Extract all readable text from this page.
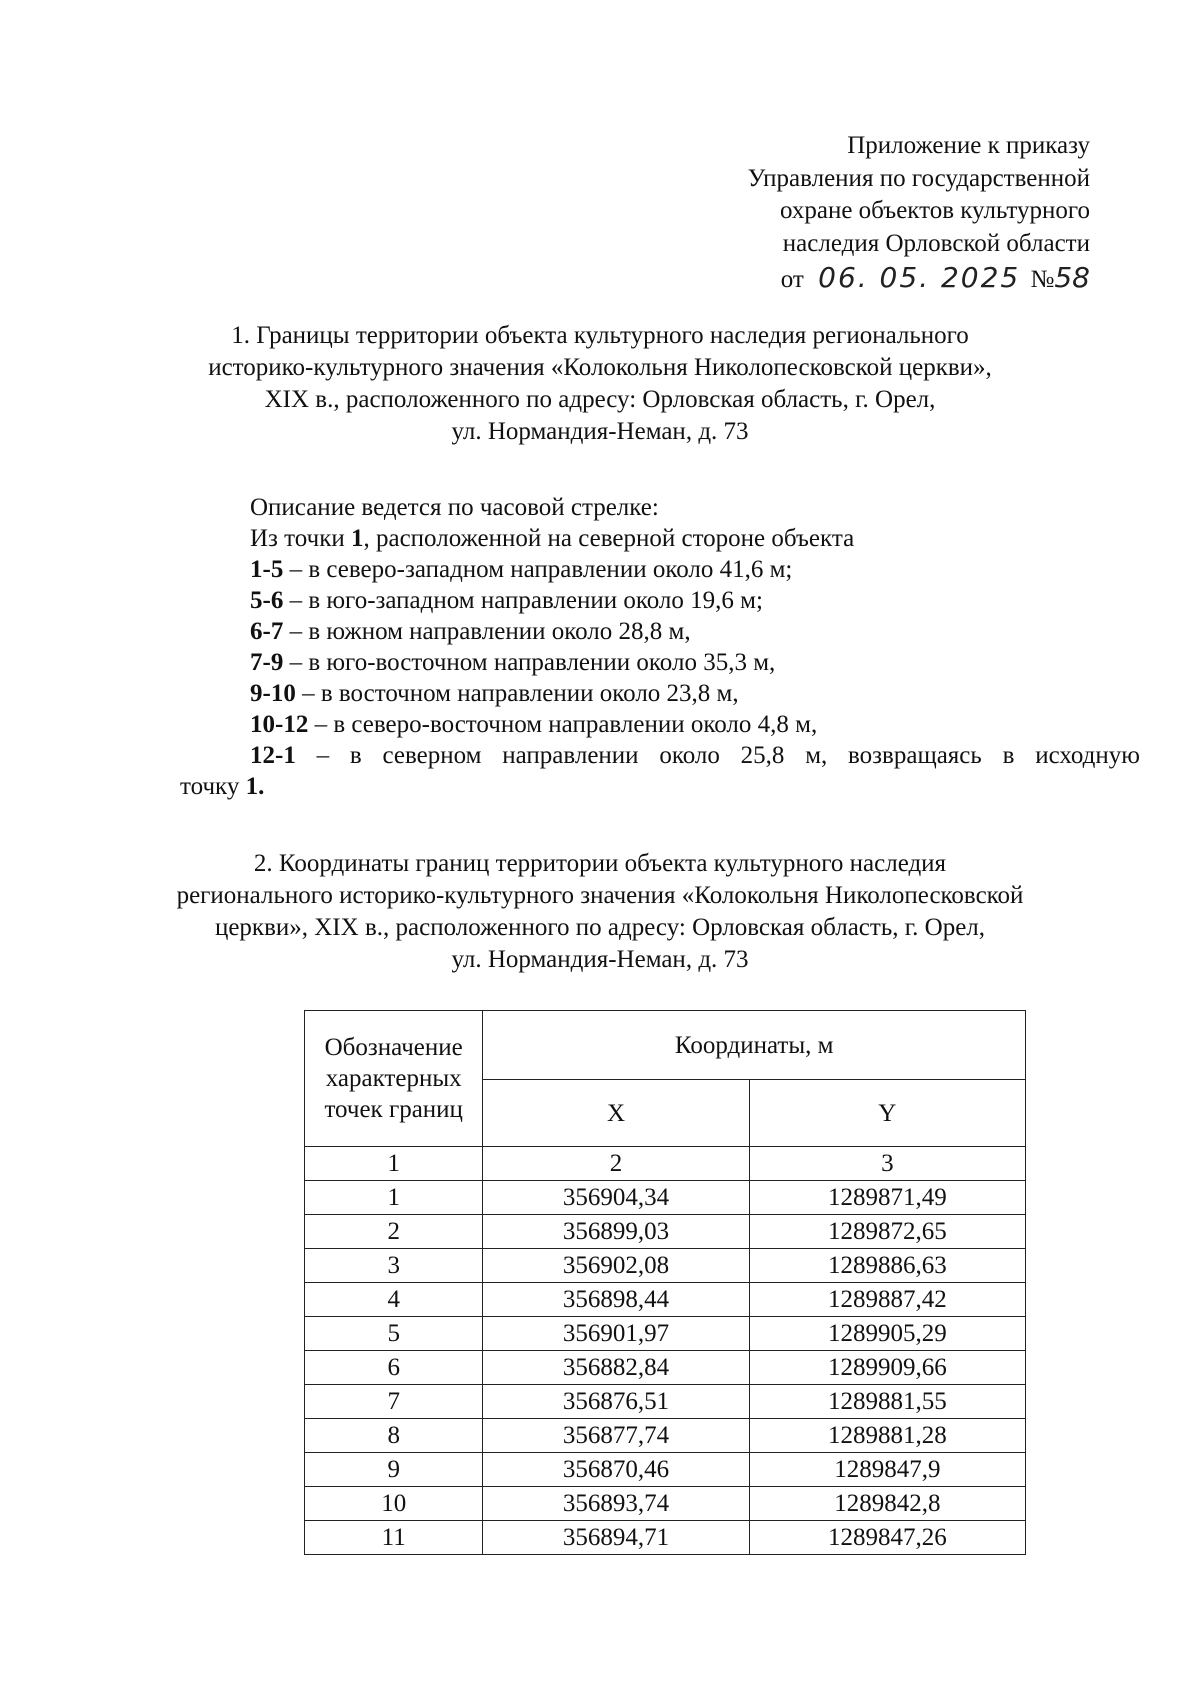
Приложение к приказу
Управления по государственной
охране объектов культурного
наследия Орловской области
от 06. 05. 2025 №58
1. Границы территории объекта культурного наследия регионального
историко-культурного значения «Колокольня Николопесковской церкви»,
XIX в., расположенного по адресу: Орловская область, г. Орел,
ул. Нормандия-Неман, д. 73
Описание ведется по часовой стрелке:
Из точки 1, расположенной на северной стороне объекта
1-5 – в северо-западном направлении около 41,6 м;
5-6 – в юго-западном направлении около 19,6 м;
6-7 – в южном направлении около 28,8 м,
7-9 – в юго-восточном направлении около 35,3 м,
9-10 – в восточном направлении около 23,8 м,
10-12 – в северо-восточном направлении около 4,8 м,
12-1 – в северном направлении около 25,8 м, возвращаясь в исходную
точку 1.
2. Координаты границ территории объекта культурного наследия
регионального историко-культурного значения «Колокольня Николопесковской
церкви», XIX в., расположенного по адресу: Орловская область, г. Орел,
ул. Нормандия-Неман, д. 73
Обозначение характерных точек границ	Координаты, м	
	X	Y
1	2	3
1	356904,34	1289871,49
2	356899,03	1289872,65
3	356902,08	1289886,63
4	356898,44	1289887,42
5	356901,97	1289905,29
6	356882,84	1289909,66
7	356876,51	1289881,55
8	356877,74	1289881,28
9	356870,46	1289847,9
10	356893,74	1289842,8
11	356894,71	1289847,26
